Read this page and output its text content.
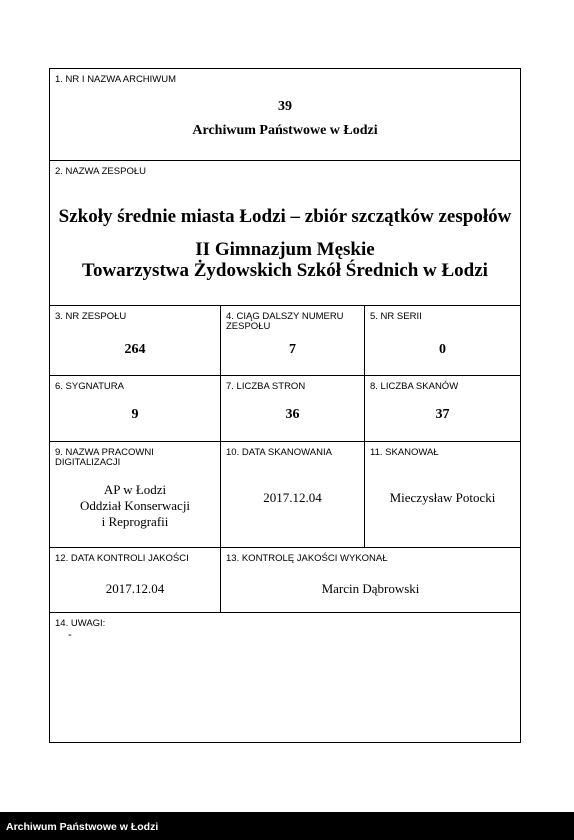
1. NR I NAZWA ARCHIWUM
39
Archiwum Państwowe w Łodzi
2. NAZWA ZESPOŁU
Szkoły średnie miasta Łodzi – zbiór szczątków zespołów
II Gimnazjum Męskie
Towarzystwa Żydowskich Szkół Średnich w Łodzi
3. NR ZESPOŁU
264
4. CIĄG DALSZY NUMERU
ZESPOŁU
7
5. NR SERII
0
6. SYGNATURA
9
7. LICZBA STRON
36
8. LICZBA SKANÓW
37
9. NAZWA PRACOWNI
DIGITALIZACJI
AP w Łodzi
Oddział Konserwacji
i Reprografii
10. DATA SKANOWANIA
2017.12.04
11. SKANOWAŁ
Mieczysław Potocki
12. DATA KONTROLI JAKOŚCI
2017.12.04
13. KONTROLĘ JAKOŚCI WYKONAŁ
Marcin Dąbrowski
14. UWAGI:
-
Archiwum Państwowe w Łodzi
